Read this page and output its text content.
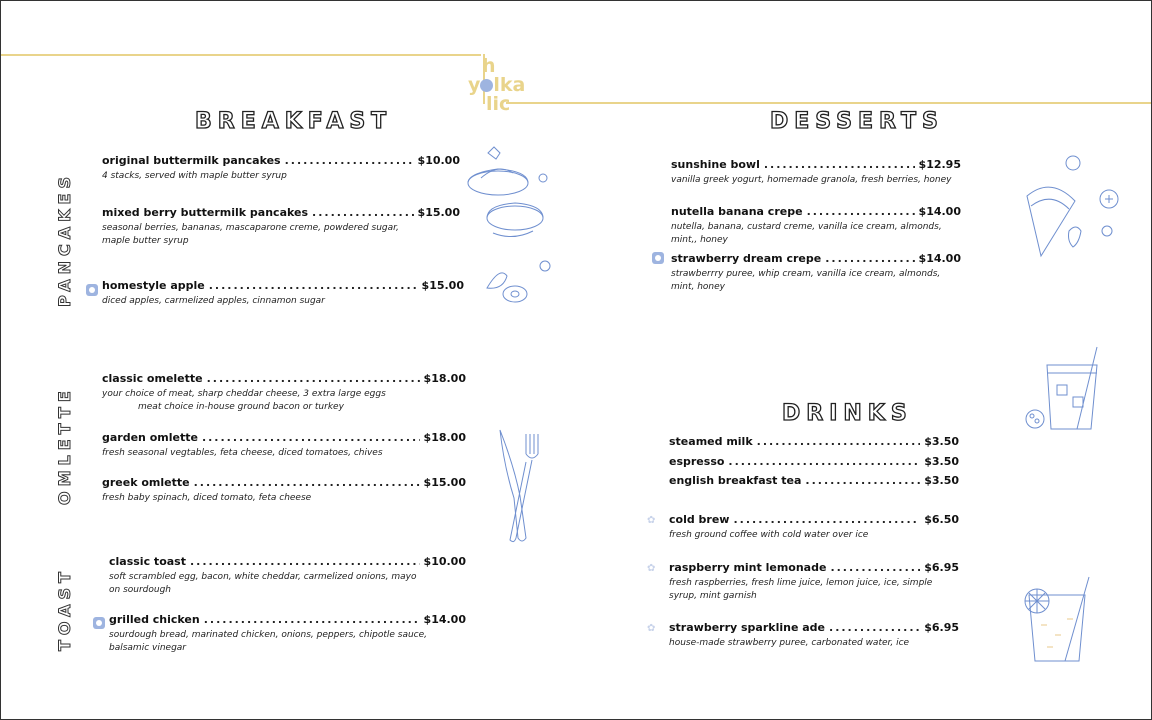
h
y lka
lic
BREAKFAST	DESSERTS
DRINKS
PANCAKES
OMLETTE
TOAST
original buttermilk pancakes .....	$10.00
4 stacks, served with maple butter syrup
mixed berry buttermilk pancakes .....	$15.00
seasonal berries, bananas, mascaparone creme, powdered sugar, maple butter syrup
homestyle apple .....	$15.00
diced apples, carmelized apples, cinnamon sugar
classic omelette .....	$18.00
your choice of meat, sharp cheddar cheese, 3 extra large eggs
meat choice in-house ground bacon or turkey
garden omlette .....	$18.00
fresh seasonal vegtables, feta cheese, diced tomatoes, chives
greek omlette .....	$15.00
fresh baby spinach, diced tomato, feta cheese
classic toast .....	$10.00
soft scrambled egg, bacon, white cheddar, carmelized onions, mayo on sourdough
grilled chicken .....	$14.00
sourdough bread, marinated chicken, onions, peppers, chipotle sauce, balsamic vinegar
sunshine bowl .....	$12.95
vanilla greek yogurt, homemade granola, fresh berries, honey
nutella banana crepe .....	$14.00
nutella, banana, custard creme, vanilla ice cream, almonds, mint,, honey
strawberry dream crepe .....	$14.00
strawberrry puree, whip cream, vanilla ice cream, almonds, mint, honey
steamed milk .....	$3.50
espresso .....	$3.50
english breakfast tea .....	$3.50
✿ cold brew .....	$6.50
fresh ground coffee with cold water over ice
✿ raspberry mint lemonade .....	$6.95
fresh raspberries, fresh lime juice, lemon juice, ice, simple syrup, mint garnish
✿ strawberry sparkline ade .....	$6.95
house-made strawberry puree, carbonated water, ice
